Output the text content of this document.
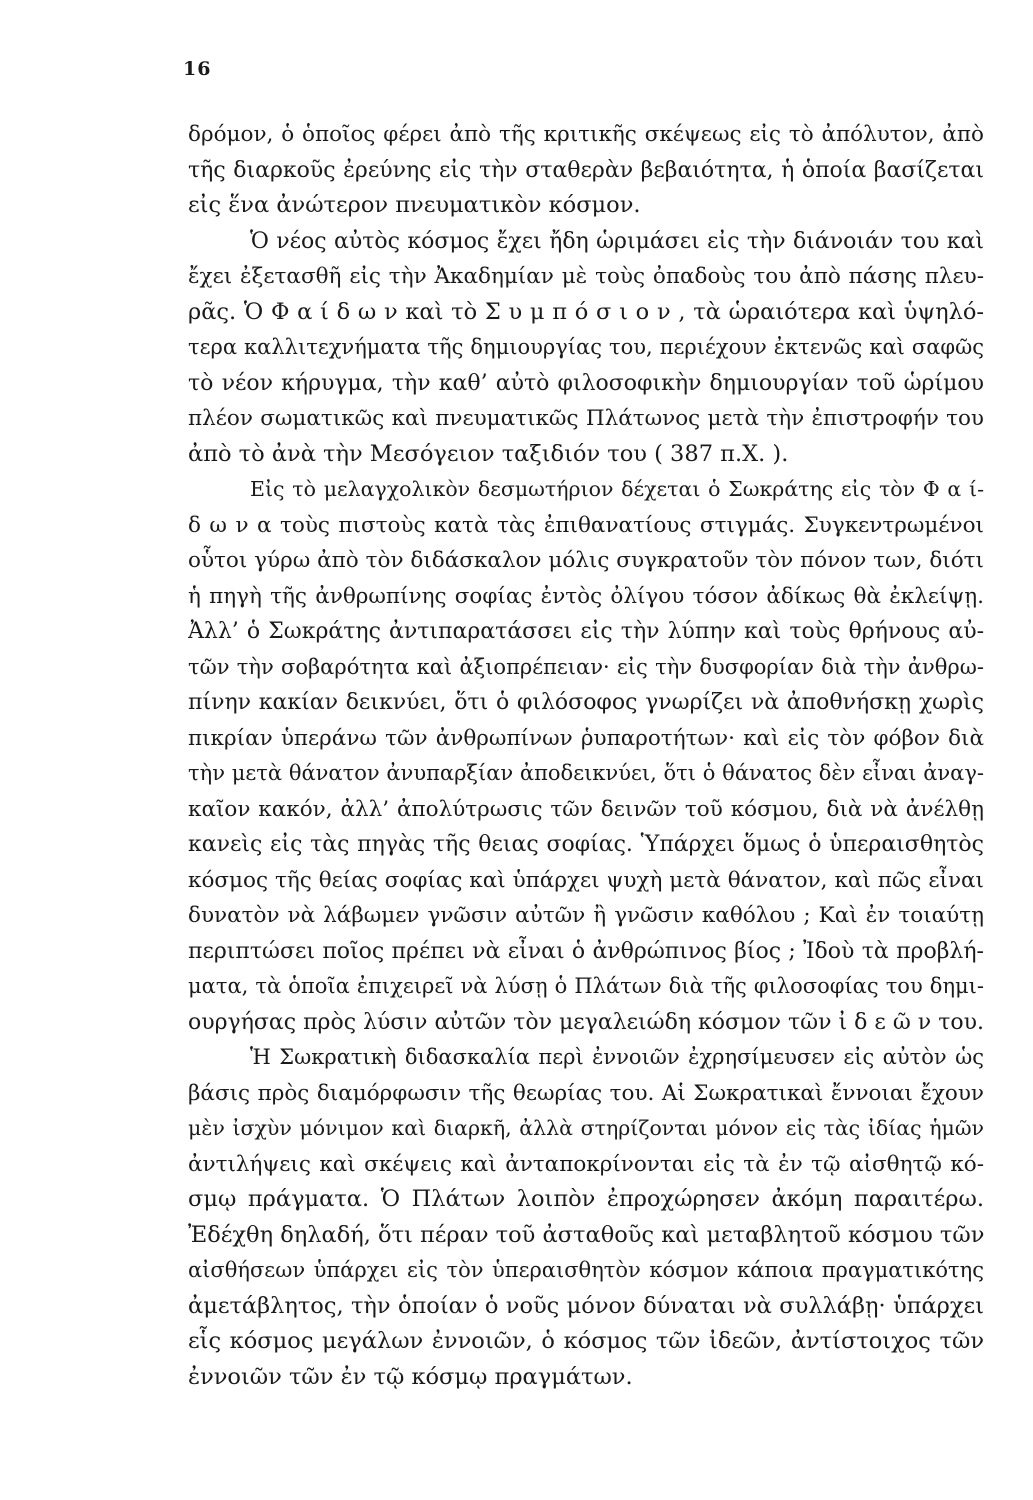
16
δρόμον, ὁ ὁποῖος φέρει ἀπὸ τῆς κριτικῆς σκέψεως εἰς τὸ ἀπόλυτον, ἀπὸ
τῆς διαρκοῦς ἐρεύνης εἰς τὴν σταθερὰν βεβαιότητα, ἡ ὁποία βασίζεται
εἰς ἕνα ἀνώτερον πνευματικὸν κόσμον.
Ὁ νέος αὐτὸς κόσμος ἔχει ἤδη ὡριμάσει εἰς τὴν διάνοιάν του καὶ
ἔχει ἐξετασθῆ εἰς τὴν Ἀκαδημίαν μὲ τοὺς ὀπαδοὺς του ἀπὸ πάσης πλευ-
ρᾶς. Ὁ Φ α ί δ ω ν καὶ τὸ Σ υ μ π ό σ ι ο ν , τὰ ὡραιότερα καὶ ὑψηλό-
τερα καλλιτεχνήματα τῆς δημιουργίας του, περιέχουν ἐκτενῶς καὶ σαφῶς
τὸ νέον κήρυγμα, τὴν καθ’ αὐτὸ φιλοσοφικὴν δημιουργίαν τοῦ ὡρίμου
πλέον σωματικῶς καὶ πνευματικῶς Πλάτωνος μετὰ τὴν ἐπιστροφήν του
ἀπὸ τὸ ἀνὰ τὴν Μεσόγειον ταξιδιόν του ( 387 π.Χ. ).
Εἰς τὸ μελαγχολικὸν δεσμωτήριον δέχεται ὁ Σωκράτης εἰς τὸν Φ α ί-
δ ω ν α τοὺς πιστοὺς κατὰ τὰς ἐπιθανατίους στιγμάς. Συγκεντρωμένοι
οὗτοι γύρω ἀπὸ τὸν διδάσκαλον μόλις συγκρατοῦν τὸν πόνον των, διότι
ἡ πηγὴ τῆς ἀνθρωπίνης σοφίας ἐντὸς ὀλίγου τόσον ἀδίκως θὰ ἐκλείψῃ.
Ἀλλ’ ὁ Σωκράτης ἀντιπαρατάσσει εἰς τὴν λύπην καὶ τοὺς θρήνους αὐ-
τῶν τὴν σοβαρότητα καὶ ἀξιοπρέπειαν· εἰς τὴν δυσφορίαν διὰ τὴν ἀνθρω-
πίνην κακίαν δεικνύει, ὅτι ὁ φιλόσοφος γνωρίζει νὰ ἀποθνήσκῃ χωρὶς
πικρίαν ὑπεράνω τῶν ἀνθρωπίνων ῥυπαροτήτων· καὶ εἰς τὸν φόβον διὰ
τὴν μετὰ θάνατον ἀνυπαρξίαν ἀποδεικνύει, ὅτι ὁ θάνατος δὲν εἶναι ἀναγ-
καῖον κακόν, ἀλλ’ ἀπολύτρωσις τῶν δεινῶν τοῦ κόσμου, διὰ νὰ ἀνέλθῃ
κανεὶς εἰς τὰς πηγὰς τῆς θειας σοφίας. Ὑπάρχει ὅμως ὁ ὑπεραισθητὸς
κόσμος τῆς θείας σοφίας καὶ ὑπάρχει ψυχὴ μετὰ θάνατον, καὶ πῶς εἶναι
δυνατὸν νὰ λάβωμεν γνῶσιν αὐτῶν ἢ γνῶσιν καθόλου ; Καὶ ἐν τοιαύτῃ
περιπτώσει ποῖος πρέπει νὰ εἶναι ὁ ἀνθρώπινος βίος ; Ἰδοὺ τὰ προβλή-
ματα, τὰ ὁποῖα ἐπιχειρεῖ νὰ λύσῃ ὁ Πλάτων διὰ τῆς φιλοσοφίας του δημι-
ουργήσας πρὸς λύσιν αὐτῶν τὸν μεγαλειώδη κόσμον τῶν ἰ δ ε ῶ ν του.
Ἡ Σωκρατικὴ διδασκαλία περὶ ἐννοιῶν ἐχρησίμευσεν εἰς αὐτὸν ὡς
βάσις πρὸς διαμόρφωσιν τῆς θεωρίας του. Αἱ Σωκρατικαὶ ἔννοιαι ἔχουν
μὲν ἰσχὺν μόνιμον καὶ διαρκῆ, ἀλλὰ στηρίζονται μόνον εἰς τὰς ἰδίας ἡμῶν
ἀντιλήψεις καὶ σκέψεις καὶ ἀνταποκρίνονται εἰς τὰ ἐν τῷ αἰσθητῷ κό-
σμῳ πράγματα. Ὁ Πλάτων λοιπὸν ἐπροχώρησεν ἀκόμη παραιτέρω.
Ἐδέχθη δηλαδή, ὅτι πέραν τοῦ ἀσταθοῦς καὶ μεταβλητοῦ κόσμου τῶν
αἰσθήσεων ὑπάρχει εἰς τὸν ὑπεραισθητὸν κόσμον κάποια πραγματικότης
ἀμετάβλητος, τὴν ὁποίαν ὁ νοῦς μόνον δύναται νὰ συλλάβῃ· ὑπάρχει
εἷς κόσμος μεγάλων ἐννοιῶν, ὁ κόσμος τῶν ἰδεῶν, ἀντίστοιχος τῶν
ἐννοιῶν τῶν ἐν τῷ κόσμῳ πραγμάτων.
